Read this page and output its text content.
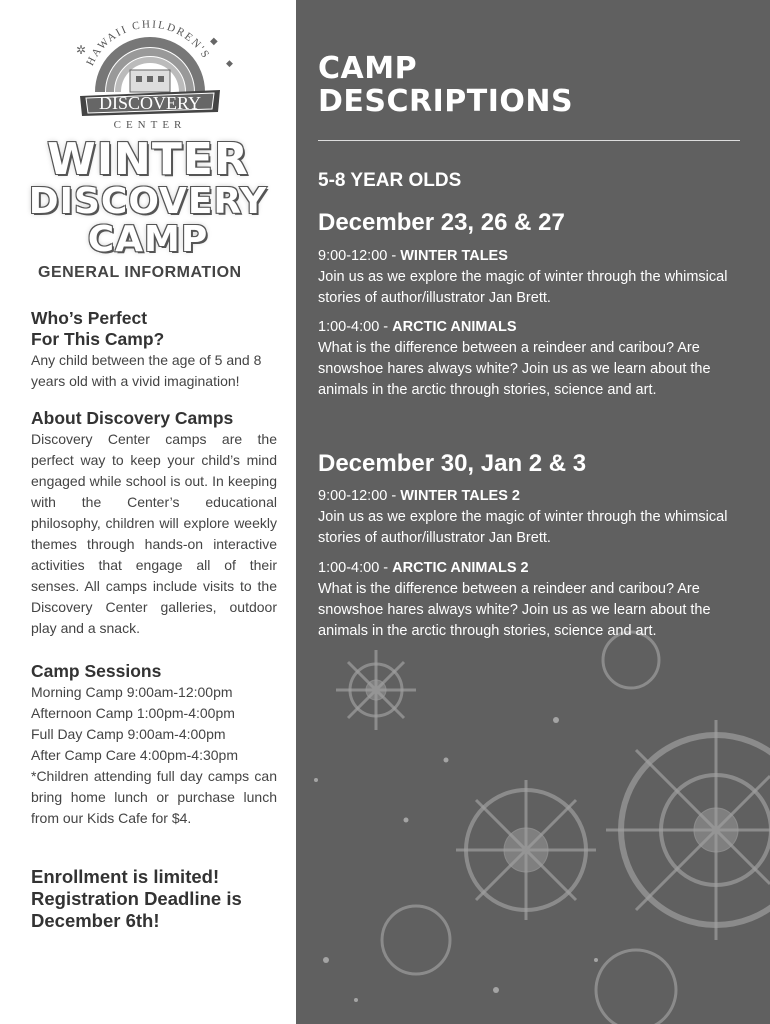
HAWAII CHILDREN'S
DISCOVERY
CENTER
✲
◆
◆
WINTER
DISCOVERY
CAMP
GENERAL INFORMATION
Who’s Perfect
For This Camp?

Any child between the age of 5 and 8 years old with a vivid imagination!

About Discovery Camps

Discovery Center camps are the perfect way to keep your child’s mind engaged while school is out. In keeping with the Center’s educational philosophy, children will explore weekly themes through hands-on interactive activities that engage all of their senses. All camps include visits to the Discovery Center galleries, outdoor play and a snack.

Camp Sessions

Morning Camp 9:00am-12:00pm

Afternoon Camp 1:00pm-4:00pm

Full Day Camp 9:00am-4:00pm

After Camp Care 4:00pm-4:30pm

*Children attending full day camps can bring home lunch or purchase lunch from our Kids Cafe for $4.

Enrollment is limited!
Registration Deadline is
December 6th!
CAMP
DESCRIPTIONS
5-8 YEAR OLDS
December 23, 26 & 27
9:00-12:00 - WINTER TALES
Join us as we explore the magic of winter through the whimsical stories of author/illustrator Jan Brett.
1:00-4:00 - ARCTIC ANIMALS
What is the difference between a reindeer and caribou? Are snowshoe hares always white? Join us as we learn about the animals in the arctic through stories, science and art.
December 30, Jan 2 & 3
9:00-12:00 - WINTER TALES 2
Join us as we explore the magic of winter through the whimsical stories of author/illustrator Jan Brett.
1:00-4:00 - ARCTIC ANIMALS 2
What is the difference between a reindeer and caribou? Are snowshoe hares always white? Join us as we learn about the animals in the arctic through stories, science and art.
